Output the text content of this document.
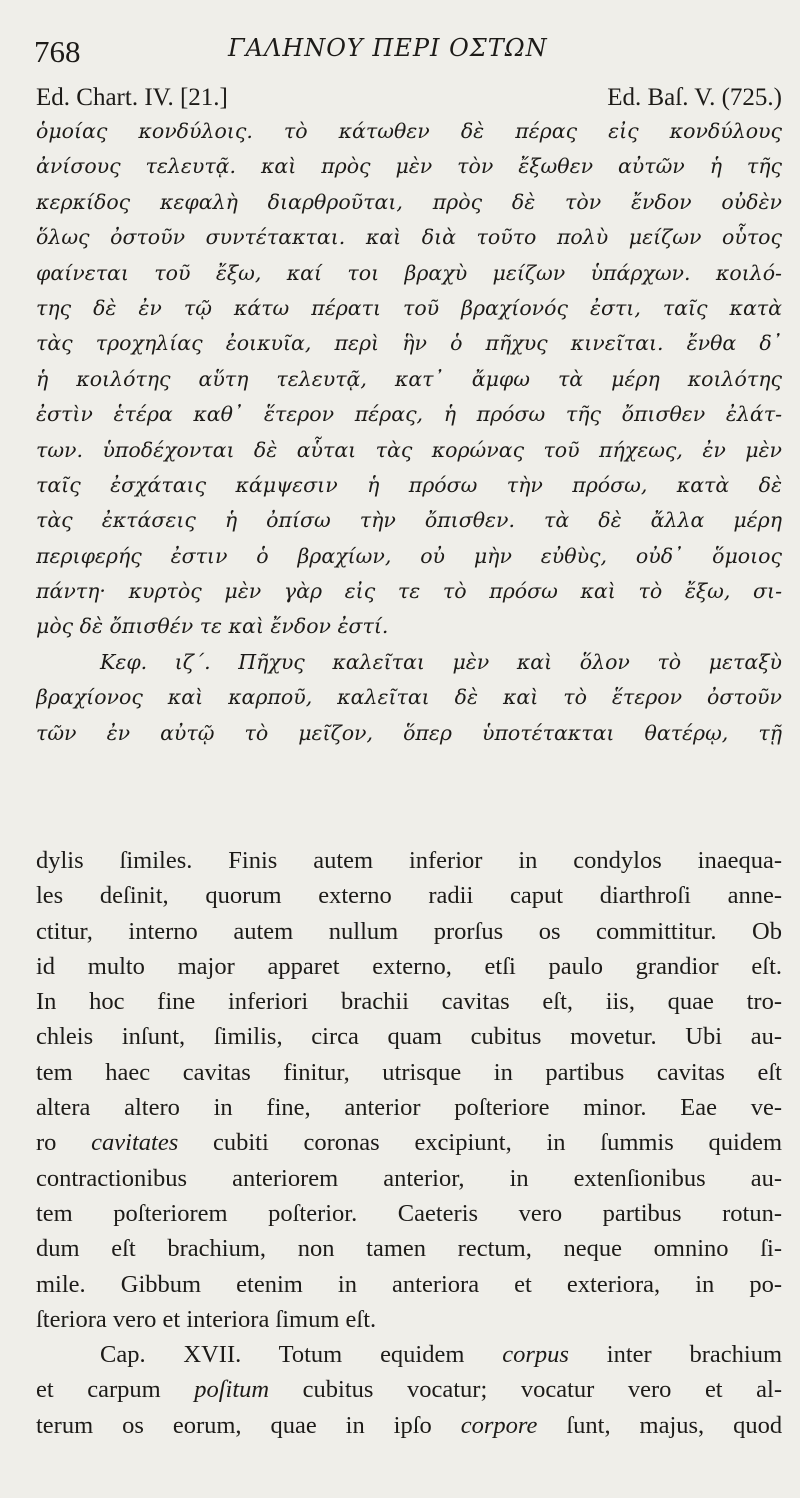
768	ΓΑΛΗΝΟΥ ΠΕΡΙ ΟΣΤΩΝ
Ed. Chart. IV. [21.]	Ed. Baſ. V. (725.)
ὁμοίας κονδύλοις. τὸ κάτωθεν δὲ πέρας εἰς κονδύλους
ἀνίσους τελευτᾷ. καὶ πρὸς μὲν τὸν ἔξωθεν αὐτῶν ἡ τῆς
κερκίδος κεφαλὴ διαρθροῦται, πρὸς δὲ τὸν ἔνδον οὐδὲν
ὅλως ὀστοῦν συντέτακται. καὶ διὰ τοῦτο πολὺ μείζων οὗτος
φαίνεται τοῦ ἔξω, καί τοι βραχὺ μείζων ὑπάρχων. κοιλό-
της δὲ ἐν τῷ κάτω πέρατι τοῦ βραχίονός ἐστι, ταῖς κατὰ
τὰς τροχηλίας ἐοικυῖα, περὶ ἣν ὁ πῆχυς κινεῖται. ἔνθα δ᾽
ἡ κοιλότης αὕτη τελευτᾷ, κατ᾽ ἄμφω τὰ μέρη κοιλότης
ἐστὶν ἑτέρα καθ᾽ ἕτερον πέρας, ἡ πρόσω τῆς ὄπισθεν ἐλάτ-
των. ὑποδέχονται δὲ αὗται τὰς κορώνας τοῦ πήχεως, ἐν μὲν
ταῖς ἐσχάταις κάμψεσιν ἡ πρόσω τὴν πρόσω, κατὰ δὲ
τὰς ἐκτάσεις ἡ ὀπίσω τὴν ὄπισθεν. τὰ δὲ ἄλλα μέρη
περιφερής ἐστιν ὁ βραχίων, οὐ μὴν εὐθὺς, οὐδ᾽ ὅμοιος
πάντη· κυρτὸς μὲν γὰρ εἰς τε τὸ πρόσω καὶ τὸ ἔξω, σι-
μὸς δὲ ὄπισθέν τε καὶ ἔνδον ἐστί.
Κεφ. ιζ΄. Πῆχυς καλεῖται μὲν καὶ ὅλον τὸ μεταξὺ
βραχίονος καὶ καρποῦ, καλεῖται δὲ καὶ τὸ ἕτερον ὀστοῦν
τῶν ἐν αὐτῷ τὸ μεῖζον, ὅπερ ὑποτέτακται θατέρῳ, τῇ
dylis ſimiles. Finis autem inferior in condylos inaequa-
les deſinit, quorum externo radii caput diarthroſi anne-
ctitur, interno autem nullum prorſus os committitur. Ob
id multo major apparet externo, etſi paulo grandior eſt.
In hoc fine inferiori brachii cavitas eſt, iis, quae tro-
chleis inſunt, ſimilis, circa quam cubitus movetur. Ubi au-
tem haec cavitas finitur, utrisque in partibus cavitas eſt
altera altero in fine, anterior poſteriore minor. Eae ve-
ro cavitates cubiti coronas excipiunt, in ſummis quidem
contractionibus anteriorem anterior, in extenſionibus au-
tem poſteriorem poſterior. Caeteris vero partibus rotun-
dum eſt brachium, non tamen rectum, neque omnino ſi-
mile. Gibbum etenim in anteriora et exteriora, in po-
ſteriora vero et interiora ſimum eſt.
Cap. XVII. Totum equidem corpus inter brachium
et carpum poſitum cubitus vocatur; vocatur vero et al-
terum os eorum, quae in ipſo corpore ſunt, majus, quod
